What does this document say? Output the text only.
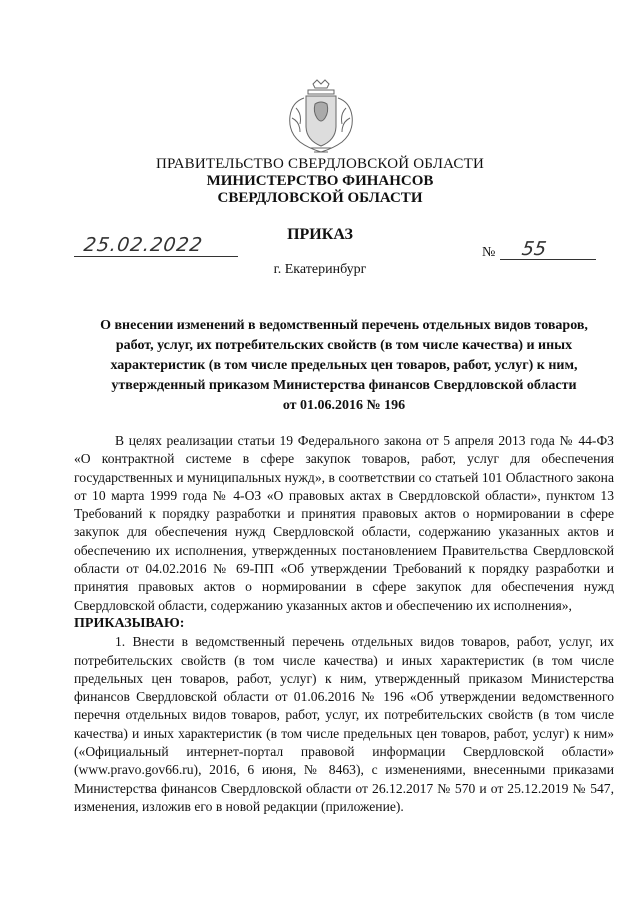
ПРАВИТЕЛЬСТВО СВЕРДЛОВСКОЙ ОБЛАСТИ
МИНИСТЕРСТВО ФИНАНСОВ
СВЕРДЛОВСКОЙ ОБЛАСТИ
ПРИКАЗ
25.02.2022	№ 55
г. Екатеринбург
О внесении изменений в ведомственный перечень отдельных видов товаров,
работ, услуг, их потребительских свойств (в том числе качества) и иных
характеристик (в том числе предельных цен товаров, работ, услуг) к ним,
утвержденный приказом Министерства финансов Свердловской области
от 01.06.2016 № 196

В целях реализации статьи 19 Федерального закона от 5 апреля 2013 года № 44-ФЗ «О контрактной системе в сфере закупок товаров, работ, услуг для обеспечения государственных и муниципальных нужд», в соответствии со статьей 101 Областного закона от 10 марта 1999 года № 4-ОЗ «О правовых актах в Свердловской области», пунктом 13 Требований к порядку разработки и принятия правовых актов о нормировании в сфере закупок для обеспечения нужд Свердловской области, содержанию указанных актов и обеспечению их исполнения, утвержденных постановлением Правительства Свердловской области от 04.02.2016 № 69-ПП «Об утверждении Требований к порядку разработки и принятия правовых актов о нормировании в сфере закупок для обеспечения нужд Свердловской области, содержанию указанных актов и обеспечению их исполнения»,

ПРИКАЗЫВАЮ:

1. Внести в ведомственный перечень отдельных видов товаров, работ, услуг, их потребительских свойств (в том числе качества) и иных характеристик (в том числе предельных цен товаров, работ, услуг) к ним, утвержденный приказом Министерства финансов Свердловской области от 01.06.2016 № 196 «Об утверждении ведомственного перечня отдельных видов товаров, работ, услуг, их потребительских свойств (в том числе качества) и иных характеристик (в том числе предельных цен товаров, работ, услуг) к ним» («Официальный интернет-портал правовой информации Свердловской области» (www.pravo.gov66.ru), 2016, 6 июня, № 8463), с изменениями, внесенными приказами Министерства финансов Свердловской области от 26.12.2017 № 570 и от 25.12.2019 № 547, изменения, изложив его в новой редакции (приложение).
